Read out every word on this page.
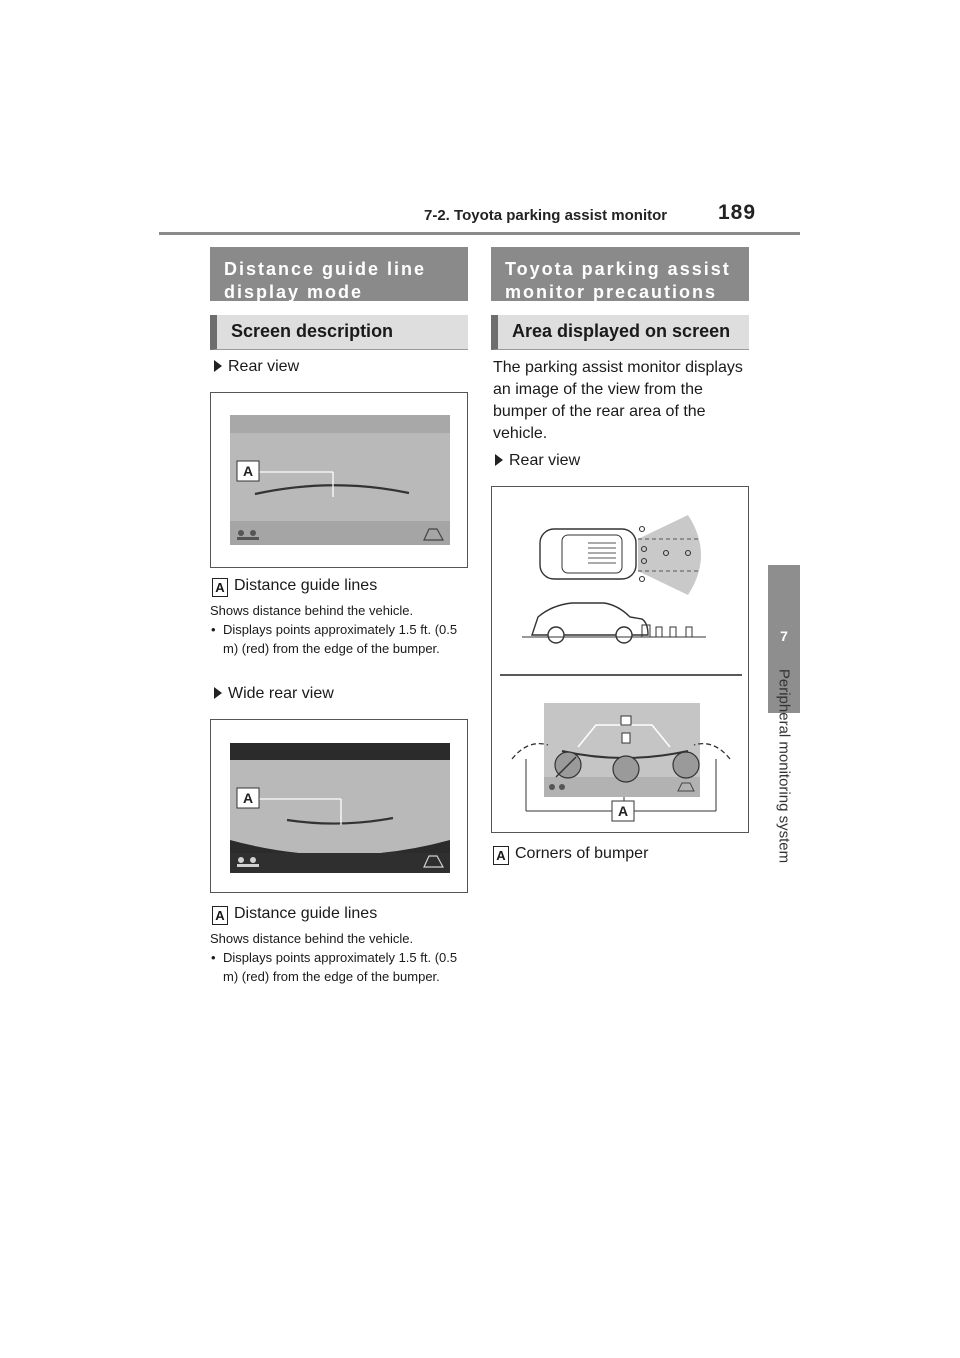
7-2. Toyota parking assist monitor 189
7
Peripheral monitoring system
Distance guide line display mode
Screen description
Rear view
A
A Distance guide lines
Shows distance behind the vehicle.
• Displays points approximately 1.5 ft. (0.5 m) (red) from the edge of the bumper.
Wide rear view
A
A Distance guide lines
Shows distance behind the vehicle.
• Displays points approximately 1.5 ft. (0.5 m) (red) from the edge of the bumper.
Toyota parking assist monitor precautions
Area displayed on screen
The parking assist monitor displays an image of the view from the bumper of the rear area of the vehicle.
Rear view
A
A Corners of bumper
